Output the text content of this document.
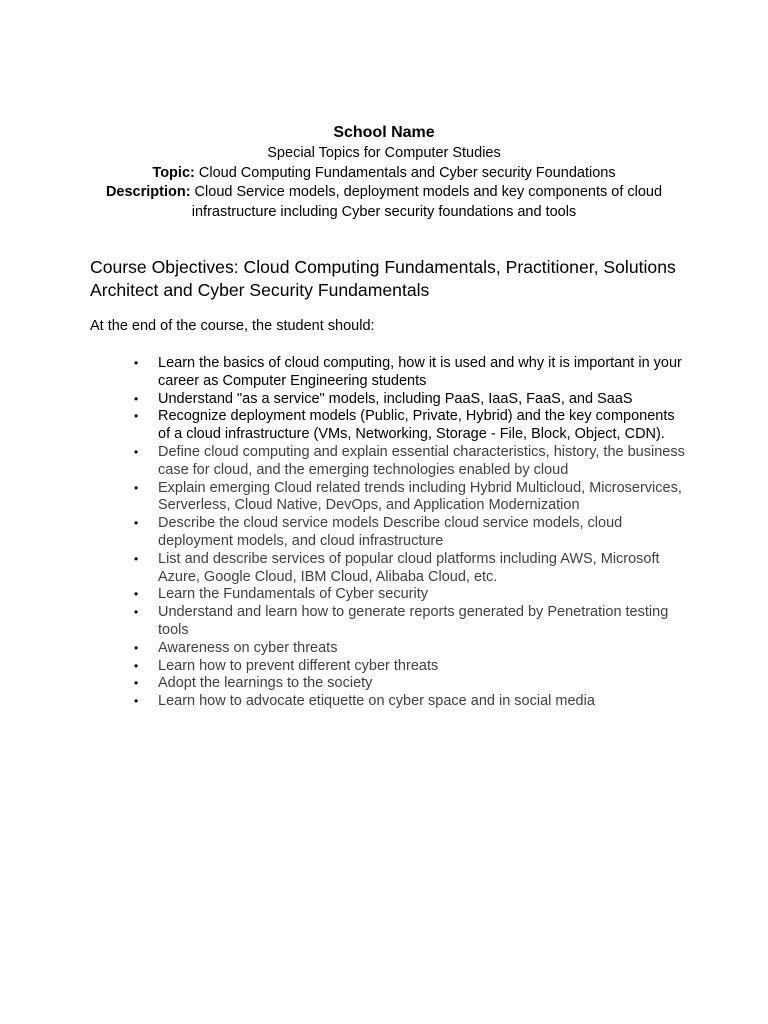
School Name

Special Topics for Computer Studies

Topic: Cloud Computing Fundamentals and Cyber security Foundations

Description: Cloud Service models, deployment models and key components of cloud infrastructure including Cyber security foundations and tools

Course Objectives: Cloud Computing Fundamentals, Practitioner, Solutions Architect and Cyber Security Fundamentals

At the end of the course, the student should:

• Learn the basics of cloud computing, how it is used and why it is important in your career as Computer Engineering students
• Understand "as a service" models, including PaaS, IaaS, FaaS, and SaaS
• Recognize deployment models (Public, Private, Hybrid) and the key components of a cloud infrastructure (VMs, Networking, Storage - File, Block, Object, CDN).
• Define cloud computing and explain essential characteristics, history, the business case for cloud, and the emerging technologies enabled by cloud
• Explain emerging Cloud related trends including Hybrid Multicloud, Microservices, Serverless, Cloud Native, DevOps, and Application Modernization
• Describe the cloud service models Describe cloud service models, cloud deployment models, and cloud infrastructure
• List and describe services of popular cloud platforms including AWS, Microsoft Azure, Google Cloud, IBM Cloud, Alibaba Cloud, etc.
• Learn the Fundamentals of Cyber security
• Understand and learn how to generate reports generated by Penetration testing tools
• Awareness on cyber threats
• Learn how to prevent different cyber threats
• Adopt the learnings to the society
• Learn how to advocate etiquette on cyber space and in social media
